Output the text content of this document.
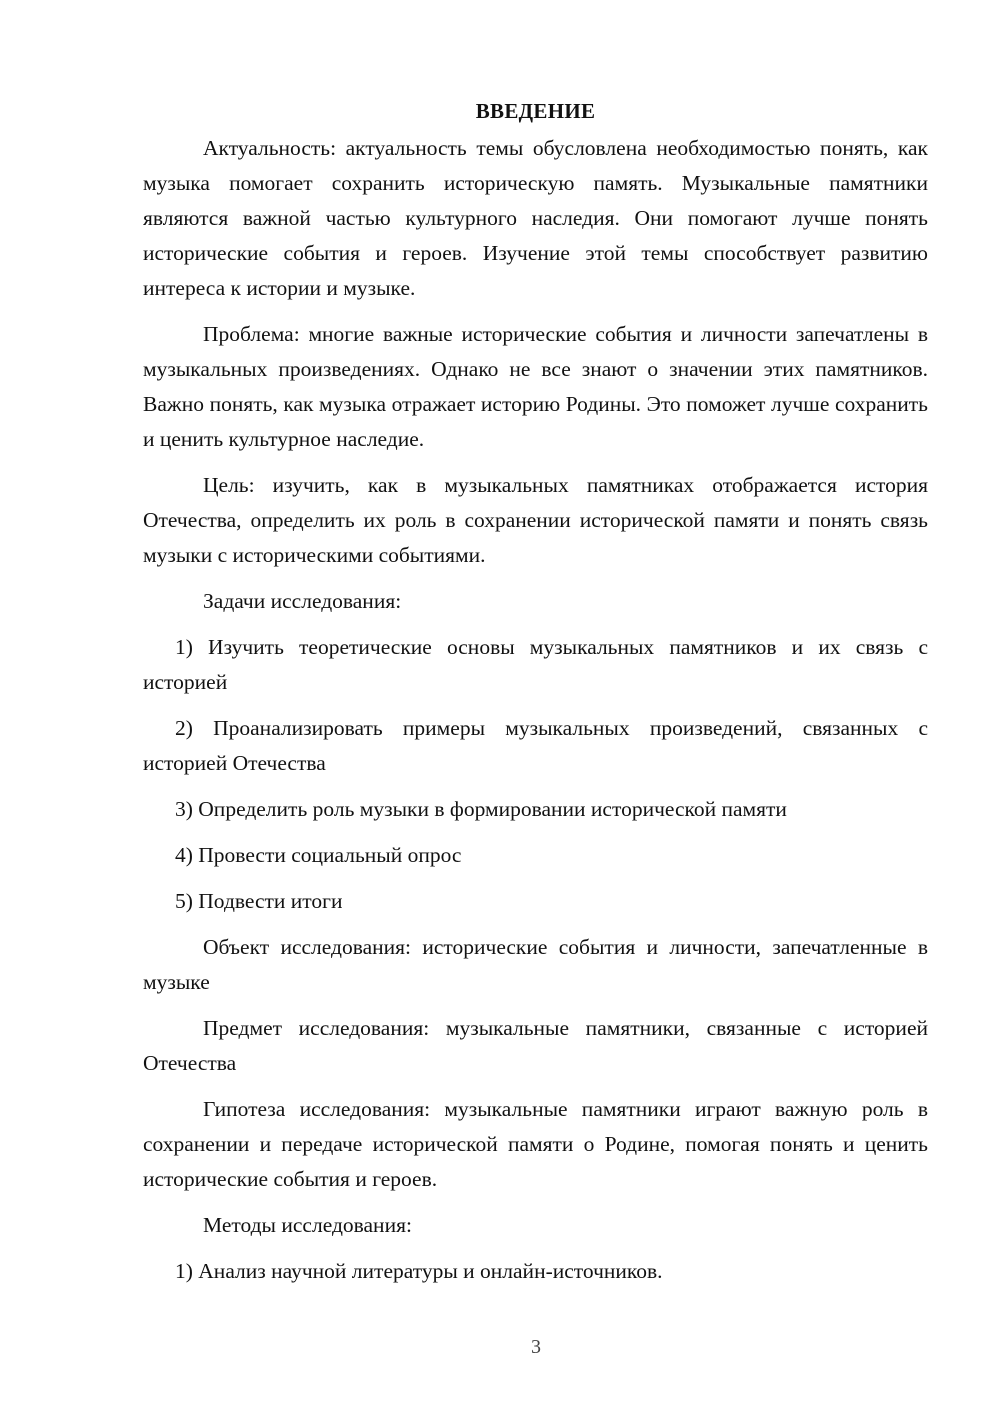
ВВЕДЕНИЕ

Актуальность: актуальность темы обусловлена необходимостью понять, как музыка помогает сохранить историческую память. Музыкальные памятники являются важной частью культурного наследия. Они помогают лучше понять исторические события и героев. Изучение этой темы способствует развитию интереса к истории и музыке.

Проблема: многие важные исторические события и личности запечатлены в музыкальных произведениях. Однако не все знают о значении этих памятников. Важно понять, как музыка отражает историю Родины. Это поможет лучше сохранить и ценить культурное наследие.

Цель: изучить, как в музыкальных памятниках отображается история Отечества, определить их роль в сохранении исторической памяти и понять связь музыки с историческими событиями.

Задачи исследования:

1) Изучить теоретические основы музыкальных памятников и их связь с историей

2) Проанализировать примеры музыкальных произведений, связанных с историей Отечества

3) Определить роль музыки в формировании исторической памяти

4) Провести социальный опрос

5) Подвести итоги

Объект исследования: исторические события и личности, запечатленные в музыке

Предмет исследования: музыкальные памятники, связанные с историей Отечества

Гипотеза исследования: музыкальные памятники играют важную роль в сохранении и передаче исторической памяти о Родине, помогая понять и ценить исторические события и героев.

Методы исследования:

1) Анализ научной литературы и онлайн-источников.

3
